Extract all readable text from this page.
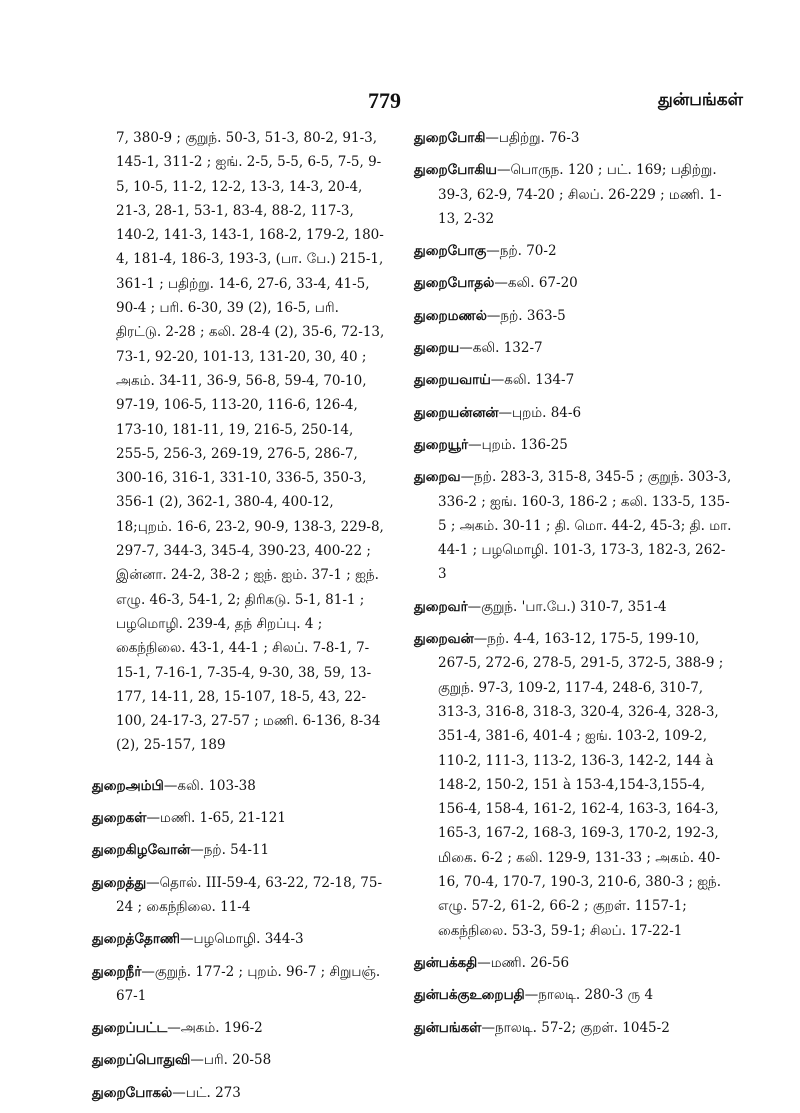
779	துன்பங்கள்
7, 380-9 ; குறுந். 50-3, 51-3, 80-2, 91-3, 145-1, 311-2 ; ஐங். 2-5, 5-5, 6-5, 7-5, 9-5, 10-5, 11-2, 12-2, 13-3, 14-3, 20-4, 21-3, 28-1, 53-1, 83-4, 88-2, 117-3, 140-2, 141-3, 143-1, 168-2, 179-2, 180-4, 181-4, 186-3, 193-3, (பா. பே.) 215-1, 361-1 ; பதிற்று. 14-6, 27-6, 33-4, 41-5, 90-4 ; பரி. 6-30, 39 (2), 16-5, பரி. திரட்டு. 2-28 ; கலி. 28-4 (2), 35-6, 72-13, 73-1, 92-20, 101-13, 131-20, 30, 40 ; அகம். 34-11, 36-9, 56-8, 59-4, 70-10, 97-19, 106-5, 113-20, 116-6, 126-4, 173-10, 181-11, 19, 216-5, 250-14, 255-5, 256-3, 269-19, 276-5, 286-7, 300-16, 316-1, 331-10, 336-5, 350-3, 356-1 (2), 362-1, 380-4, 400-12, 18;புறம். 16-6, 23-2, 90-9, 138-3, 229-8, 297-7, 344-3, 345-4, 390-23, 400-22 ; இன்னா. 24-2, 38-2 ; ஐந். ஐம். 37-1 ; ஐந். எழு. 46-3, 54-1, 2; திரிகடு. 5-1, 81-1 ; பழமொழி. 239-4, தந் சிறப்பு. 4 ; கைந்நிலை. 43-1, 44-1 ; சிலப். 7-8-1, 7-15-1, 7-16-1, 7-35-4, 9-30, 38, 59, 13-177, 14-11, 28, 15-107, 18-5, 43, 22-100, 24-17-3, 27-57 ; மணி. 6-136, 8-34 (2), 25-157, 189
துறைஅம்பி—கலி. 103-38
துறைகள்—மணி. 1-65, 21-121
துறைகிழவோன்—நற். 54-11
துறைத்து—தொல். III-59-4, 63-22, 72-18, 75-24 ; கைந்நிலை. 11-4
துறைத்தோணி—பழமொழி. 344-3
துறைநீர்—குறுந். 177-2 ; புறம். 96-7 ; சிறுபஞ். 67-1
துறைப்பட்ட—அகம். 196-2
துறைப்பொதுவி—பரி. 20-58
துறைபோகல்—பட். 273
துறைபோகி—பதிற்று. 76-3
துறைபோகிய—பொருந. 120 ; பட். 169; பதிற்று. 39-3, 62-9, 74-20 ; சிலப். 26-229 ; மணி. 1-13, 2-32
துறைபோகு—நற். 70-2
துறைபோதல்—கலி. 67-20
துறைமணல்—நற். 363-5
துறைய—கலி. 132-7
துறையவாய்—கலி. 134-7
துறையன்னன்—புறம். 84-6
துறையூர்—புறம். 136-25
துறைவ—நற். 283-3, 315-8, 345-5 ; குறுந். 303-3, 336-2 ; ஐங். 160-3, 186-2 ; கலி. 133-5, 135-5 ; அகம். 30-11 ; தி. மொ. 44-2, 45-3; தி. மா. 44-1 ; பழமொழி. 101-3, 173-3, 182-3, 262-3
துறைவர்—குறுந். 'பா.பே.) 310-7, 351-4
துறைவன்—நற். 4-4, 163-12, 175-5, 199-10, 267-5, 272-6, 278-5, 291-5, 372-5, 388-9 ; குறுந். 97-3, 109-2, 117-4, 248-6, 310-7, 313-3, 316-8, 318-3, 320-4, 326-4, 328-3, 351-4, 381-6, 401-4 ; ஐங். 103-2, 109-2, 110-2, 111-3, 113-2, 136-3, 142-2, 144 à 148-2, 150-2, 151 à 153-4,154-3,155-4, 156-4, 158-4, 161-2, 162-4, 163-3, 164-3, 165-3, 167-2, 168-3, 169-3, 170-2, 192-3, மிகை. 6-2 ; கலி. 129-9, 131-33 ; அகம். 40-16, 70-4, 170-7, 190-3, 210-6, 380-3 ; ஐந். எழு. 57-2, 61-2, 66-2 ; குறள். 1157-1; கைந்நிலை. 53-3, 59-1; சிலப். 17-22-1
துன்பக்கதி—மணி. 26-56
துன்பக்குஉறைபதி—நாலடி. 280-3 ரு 4
துன்பங்கள்—நாலடி. 57-2; குறள். 1045-2
